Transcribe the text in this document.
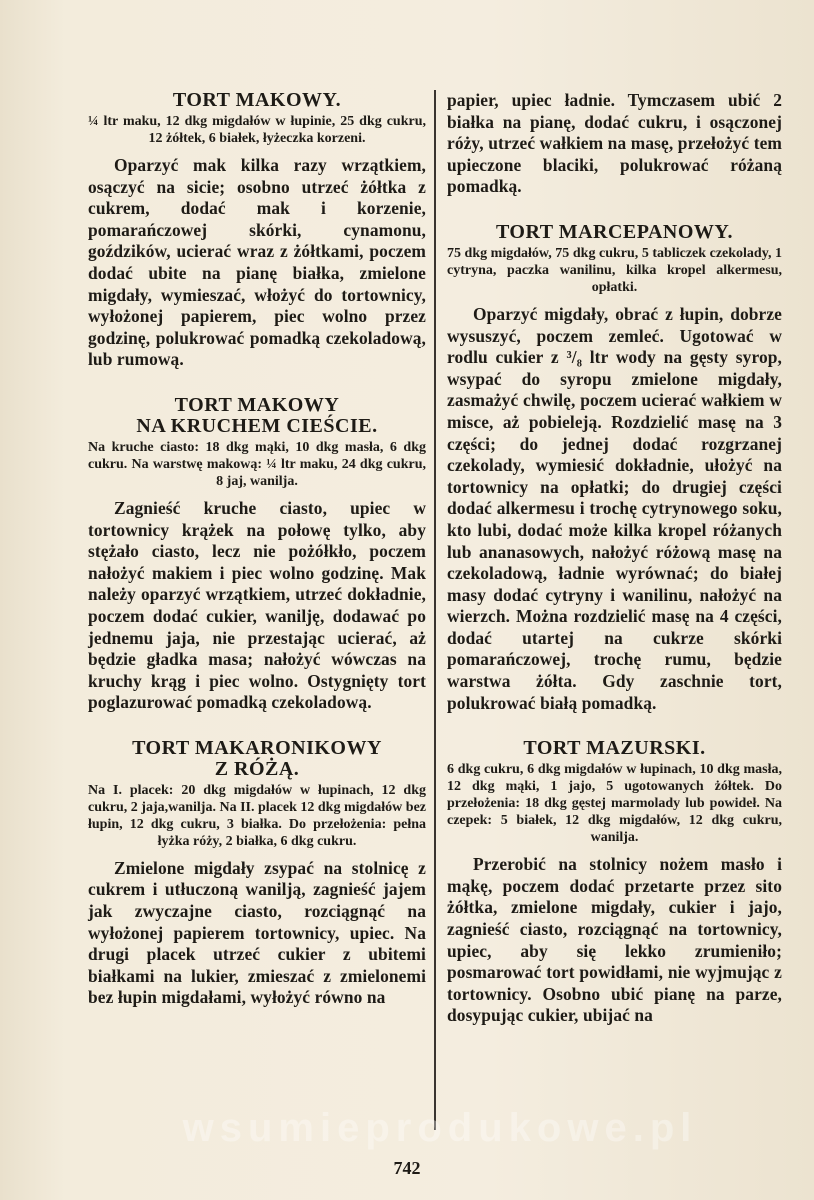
TORT MAKOWY.

¼ ltr maku, 12 dkg migdałów w łupinie, 25 dkg cukru, 12 żółtek, 6 białek, łyżeczka korzeni.

Oparzyć mak kilka razy wrzątkiem, osączyć na sicie; osobno utrzeć żółtka z cukrem, dodać mak i korzenie, pomarańczowej skórki, cynamonu, goździków, ucierać wraz z żółtkami, poczem dodać ubite na pianę białka, zmielone migdały, wymieszać, włożyć do tortownicy, wyłożonej papierem, piec wolno przez godzinę, polukrować pomadką czekoladową, lub rumową.

TORT MAKOWY
NA KRUCHEM CIEŚCIE.

Na kruche ciasto: 18 dkg mąki, 10 dkg masła, 6 dkg cukru. Na warstwę makową: ¼ ltr maku, 24 dkg cukru, 8 jaj, wanilja.

Zagnieść kruche ciasto, upiec w tortownicy krążek na połowę tylko, aby stężało ciasto, lecz nie pożółkło, poczem nałożyć makiem i piec wolno godzinę. Mak należy oparzyć wrzątkiem, utrzeć dokładnie, poczem dodać cukier, wanilję, dodawać po jednemu jaja, nie przestając ucierać, aż będzie gładka masa; nałożyć wówczas na kruchy krąg i piec wolno. Ostygnięty tort poglazurować pomadką czekoladową.

TORT MAKARONIKOWY
Z RÓŻĄ.

Na I. placek: 20 dkg migdałów w łupinach, 12 dkg cukru, 2 jaja,wanilja. Na II. placek 12 dkg migdałów bez łupin, 12 dkg cukru, 3 białka. Do przełożenia: pełna łyżka róży, 2 białka, 6 dkg cukru.

Zmielone migdały zsypać na stolnicę z cukrem i utłuczoną wanilją, zagnieść jajem jak zwyczajne ciasto, rozciągnąć na wyłożonej papierem tortownicy, upiec. Na drugi placek utrzeć cukier z ubitemi białkami na lukier, zmieszać z zmielonemi bez łupin migdałami, wyłożyć równo na

papier, upiec ładnie. Tymczasem ubić 2 białka na pianę, dodać cukru, i osączonej róży, utrzeć wałkiem na masę, przełożyć tem upieczone blaciki, polukrować różaną pomadką.

TORT MARCEPANOWY.

75 dkg migdałów, 75 dkg cukru, 5 tabliczek czekolady, 1 cytryna, paczka wanilinu, kilka kropel alkermesu, opłatki.

Oparzyć migdały, obrać z łupin, dobrze wysuszyć, poczem zemleć. Ugotować w rodlu cukier z ³/₈ ltr wody na gęsty syrop, wsypać do syropu zmielone migdały, zasmażyć chwilę, poczem ucierać wałkiem w misce, aż pobieleją. Rozdzielić masę na 3 części; do jednej dodać rozgrzanej czekolady, wymiesić dokładnie, ułożyć na tortownicy na opłatki; do drugiej części dodać alkermesu i trochę cytrynowego soku, kto lubi, dodać może kilka kropel różanych lub ananasowych, nałożyć różową masę na czekoladową, ładnie wyrównać; do białej masy dodać cytryny i wanilinu, nałożyć na wierzch. Można rozdzielić masę na 4 części, dodać utartej na cukrze skórki pomarańczowej, trochę rumu, będzie warstwa żółta. Gdy zaschnie tort, polukrować białą pomadką.

TORT MAZURSKI.

6 dkg cukru, 6 dkg migdałów w łupinach, 10 dkg masła, 12 dkg mąki, 1 jajo, 5 ugotowanych żółtek. Do przełożenia: 18 dkg gęstej marmolady lub powideł. Na czepek: 5 białek, 12 dkg migdałów, 12 dkg cukru, wanilja.

Przerobić na stolnicy nożem masło i mąkę, poczem dodać przetarte przez sito żółtka, zmielone migdały, cukier i jajo, zagnieść ciasto, rozciągnąć na tortownicy, upiec, aby się lekko zrumieniło; posmarować tort powidłami, nie wyjmując z tortownicy. Osobno ubić pianę na parze, dosypując cukier, ubijać na

wsumieprodukowe.pl
742
